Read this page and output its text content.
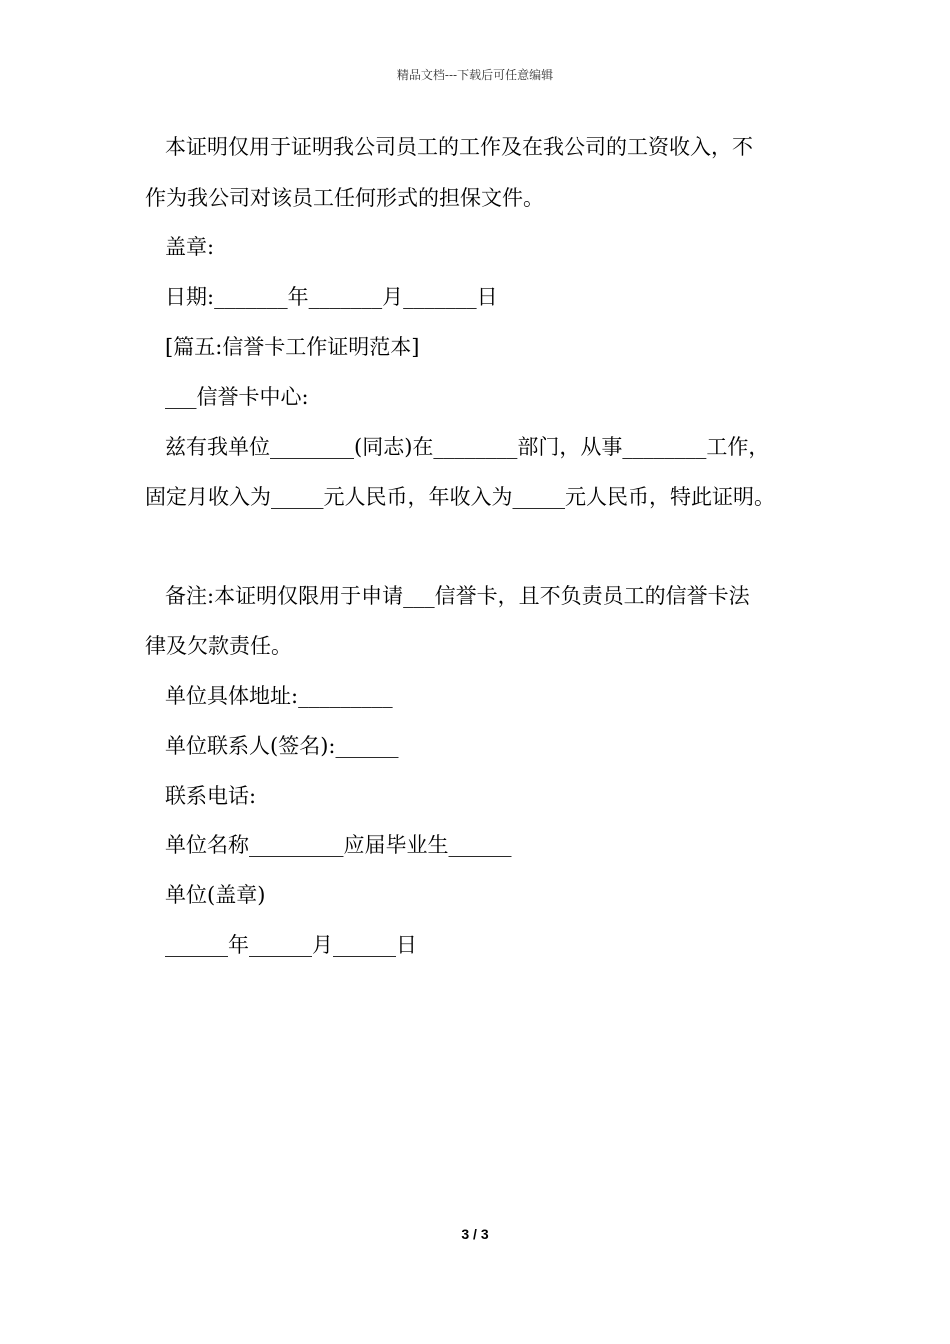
精品文档---下载后可任意编辑
本证明仅用于证明我公司员工的工作及在我公司的工资收入，不
作为我公司对该员工任何形式的担保文件。
盖章:
日期:_______年_______月_______日
[篇五:信誉卡工作证明范本]
___信誉卡中心:
兹有我单位________(同志)在________部门，从事________工作，
固定月收入为_____元人民币，年收入为_____元人民币，特此证明。
备注:本证明仅限用于申请___信誉卡，且不负责员工的信誉卡法
律及欠款责任。
单位具体地址:_________
单位联系人(签名):______
联系电话:
单位名称_________应届毕业生______
单位(盖章)
______年______月______日
3 / 3
